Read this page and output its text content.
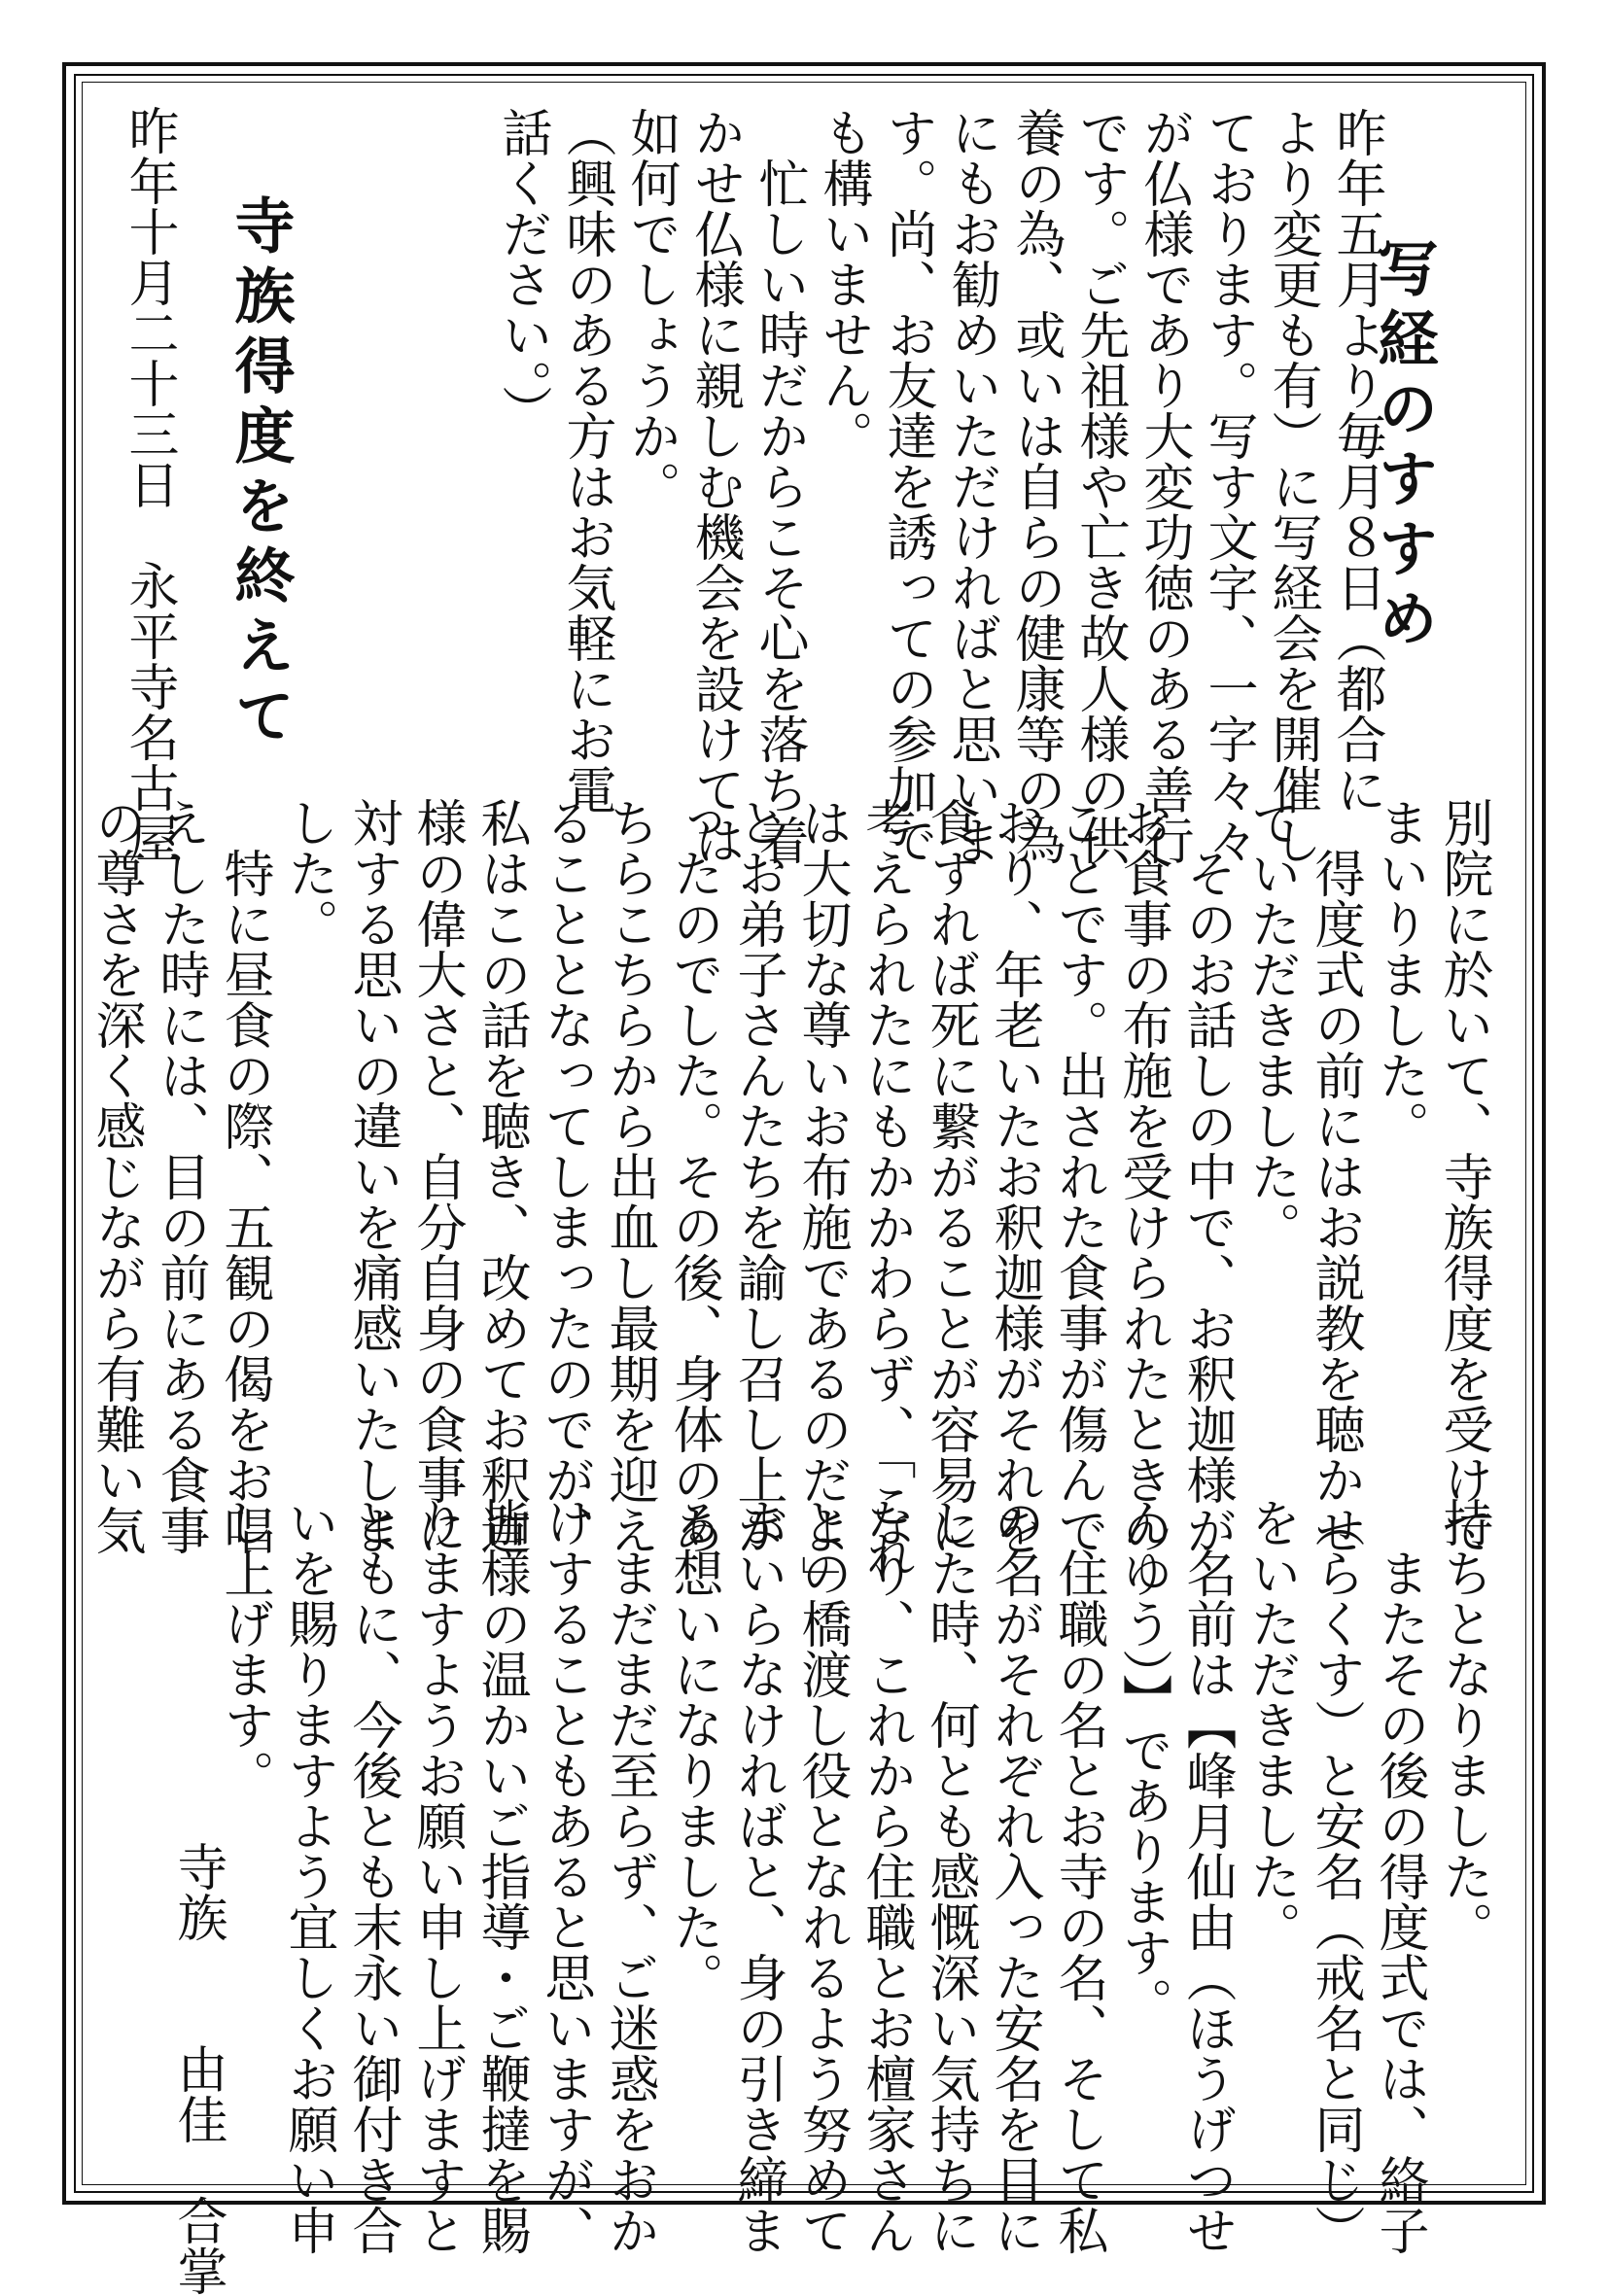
写経のすすめ
昨年五月より毎月８日（都合に
より変更も有）に写経会を開催し
ております。写す文字、一字々々
が仏様であり大変功徳のある善行
です。ご先祖様や亡き故人様の供
養の為、或いは自らの健康等の為
にもお勧めいただければと思いま
す。尚、お友達を誘っての参加で
も構いません。
　忙しい時だからこそ心を落ち着
かせ仏様に親しむ機会を設けては
如何でしょうか。
（興味のある方はお気軽にお電
話ください。）
寺族得度を終えて
昨年十月二十三日　永平寺名古屋
別院に於いて、寺族得度を受けて
まいりました。
　得度式の前にはお説教を聴かせ
ていただきました。
　そのお話しの中で、お釈迦様が
お食事の布施を受けられたときの
ことです。出された食事が傷んで
おり、年老いたお釈迦様がそれを
食すれば死に繋がることが容易に
考えられたにもかかわらず、「これ
は大切な尊いお布施であるのだよ」
とお弟子さんたちを諭し召し上が
ったのでした。その後、身体のあ
ちらこちらから出血し最期を迎え
ることとなってしまったのでが、
私はこの話を聴き、改めてお釈迦
様の偉大さと、自分自身の食事に
対する思いの違いを痛感いたしま
した。
　特に昼食の際、五観の偈をお唱
えした時には、目の前にある食事
の尊さを深く感じながら有難い気
持ちとなりました。
　またその後の得度式では、絡子
（らくす）と安名（戒名と同じ）
をいただきました。
　名前は【峰月仙由（ほうげつせ
んゆう）】であります。
　住職の名とお寺の名、そして私
の名がそれぞれ入った安名を目に
した時、何とも感慨深い気持ちに
なり、これから住職とお檀家さん
との橋渡し役となれるよう努めて
まいらなければと、身の引き締ま
る想いになりました。
　まだまだ至らず、ご迷惑をおか
けすることもあると思いますが、
皆様の温かいご指導・ご鞭撻を賜
りますようお願い申し上げますと
ともに、今後とも末永い御付き合
いを賜りますよう宜しくお願い申
し上げます。
寺族　　由佳　合掌
